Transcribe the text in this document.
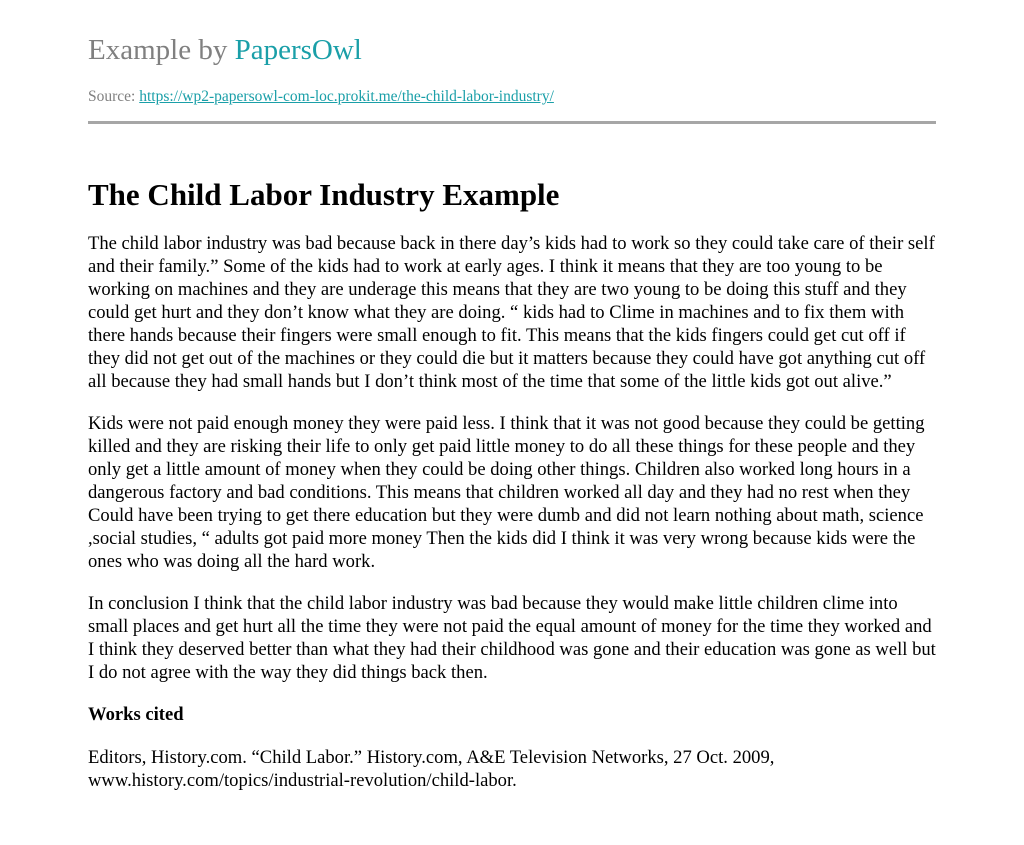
Example by PapersOwl
Source: https://wp2-papersowl-com-loc.prokit.me/the-child-labor-industry/
The Child Labor Industry Example

The child labor industry was bad because back in there day’s kids had to work so they could take care of their self and their family.” Some of the kids had to work at early ages. I think it means that they are too young to be working on machines and they are underage this means that they are two young to be doing this stuff and they could get hurt and they don’t know what they are doing. “ kids had to Clime in machines and to fix them with there hands because their fingers were small enough to fit. This means that the kids fingers could get cut off if they did not get out of the machines or they could die but it matters because they could have got anything cut off all because they had small hands but I don’t think most of the time that some of the little kids got out alive.”

Kids were not paid enough money they were paid less. I think that it was not good because they could be getting killed and they are risking their life to only get paid little money to do all these things for these people and they only get a little amount of money when they could be doing other things. Children also worked long hours in a dangerous factory and bad conditions. This means that children worked all day and they had no rest when they Could have been trying to get there education but they were dumb and did not learn nothing about math, science ,social studies, “ adults got paid more money Then the kids did I think it was very wrong because kids were the ones who was doing all the hard work.

In conclusion I think that the child labor industry was bad because they would make little children clime into small places and get hurt all the time they were not paid the equal amount of money for the time they worked and I think they deserved better than what they had their childhood was gone and their education was gone as well but I do not agree with the way they did things back then.

Works cited
Editors, History.com. “Child Labor.” History.com, A&E Television Networks, 27 Oct. 2009, www.history.com/topics/industrial-revolution/child-labor.
